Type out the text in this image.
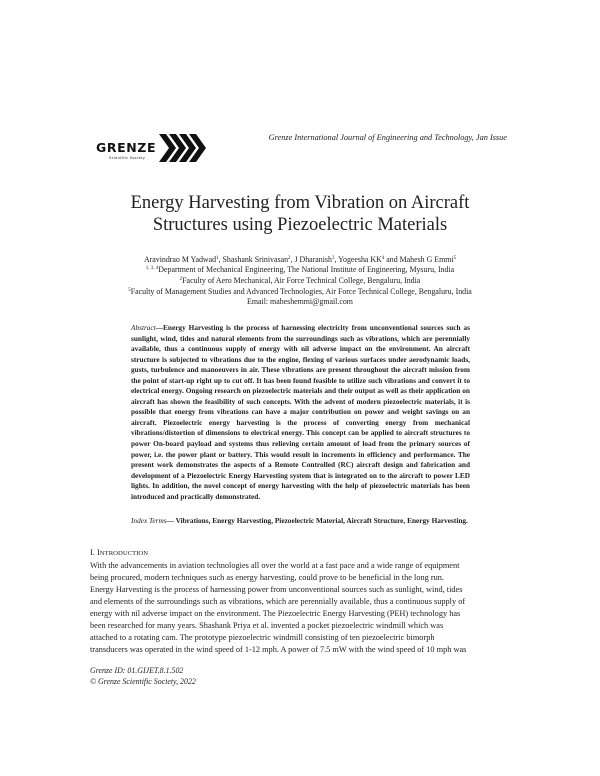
GRENZE
Scientific Society
Grenze International Journal of Engineering and Technology, Jan Issue
Energy Harvesting from Vibration on Aircraft
Structures using Piezoelectric Materials
Aravindrao M Yadwad$^1$, Shashank Srinivasan$^2$, J Dharanish$^3$, Yogeesha $KK^4$ and Mahesh G Emmi$^5$
$^{1, 3, 4}$Department of Mechanical Engineering, The National Institute of Engineering, Mysuru, India
$^2$Faculty of Aero Mechanical, Air Force Technical College, Bengaluru, India
$^5$Faculty of Management Studies and Advanced Technologies, Air Force Technical College, Bengaluru, India
Email: maheshemmi@gmail.com
Abstract—Energy Harvesting is the process of harnessing electricity from unconventional sources such as sunlight, wind, tides and natural elements from the surroundings such as vibrations, which are perennially available, thus a continuous supply of energy with nil adverse impact on the environment. An aircraft structure is subjected to vibrations due to the engine, flexing of various surfaces under aerodynamic loads, gusts, turbulence and manoeuvers in air. These vibrations are present throughout the aircraft mission from the point of start-up right up to cut off. It has been found feasible to utilize such vibrations and convert it to electrical energy. Ongoing research on piezoelectric materials and their output as well as their application on aircraft has shown the feasibility of such concepts. With the advent of modern piezoelectric materials, it is possible that energy from vibrations can have a major contribution on power and weight savings on an aircraft. Piezoelectric energy harvesting is the process of converting energy from mechanical vibrations/distortion of dimensions to electrical energy. This concept can be applied to aircraft structures to power On-board payload and systems thus relieving certain amount of load from the primary sources of power, i.e. the power plant or battery. This would result in increments in efficiency and performance. The present work demonstrates the aspects of a Remote Controlled (RC) aircraft design and fabrication and development of a Piezoelectric Energy Harvesting system that is integrated on to the aircraft to power LED lights. In addition, the novel concept of energy harvesting with the help of piezoelectric materials has been introduced and practically demonstrated.
Index Terms— Vibrations, Energy Harvesting, Piezoelectric Material, Aircraft Structure, Energy Harvesting.
I. INTRODUCTION
With the advancements in aviation technologies all over the world at a fast pace and a wide range of equipment
being procured, modern techniques such as energy harvesting, could prove to be beneficial in the long run.
Energy Harvesting is the process of harnessing power from unconventional sources such as sunlight, wind, tides
and elements of the surroundings such as vibrations, which are perennially available, thus a continuous supply of
energy with nil adverse impact on the environment. The Piezoelectric Energy Harvesting (PEH) technology has
been researched for many years. Shashank Priya et al. invented a pocket piezoelectric windmill which was
attached to a rotating cam. The prototype piezoelectric windmill consisting of ten piezoelectric bimorph
transducers was operated in the wind speed of 1-12 mph. A power of 7.5 mW with the wind speed of 10 mph was
Grenze ID: 01.GIJET.8.1.502
© Grenze Scientific Society, 2022
